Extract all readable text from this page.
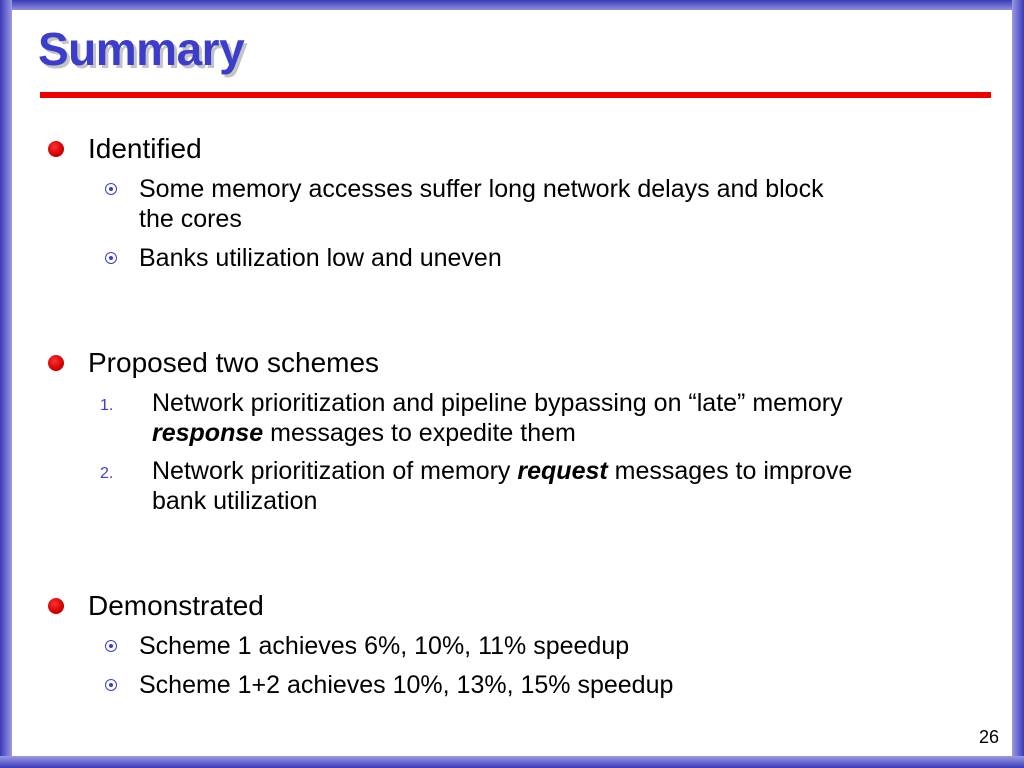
Summary
Identified
Some memory accesses suffer long network delays and block
the cores
Banks utilization low and uneven
Proposed two schemes
1. Network prioritization and pipeline bypassing on “late” memory
response messages to expedite them
2. Network prioritization of memory request messages to improve
bank utilization
Demonstrated
Scheme 1 achieves 6%, 10%, 11% speedup
Scheme 1+2 achieves 10%, 13%, 15% speedup
26
